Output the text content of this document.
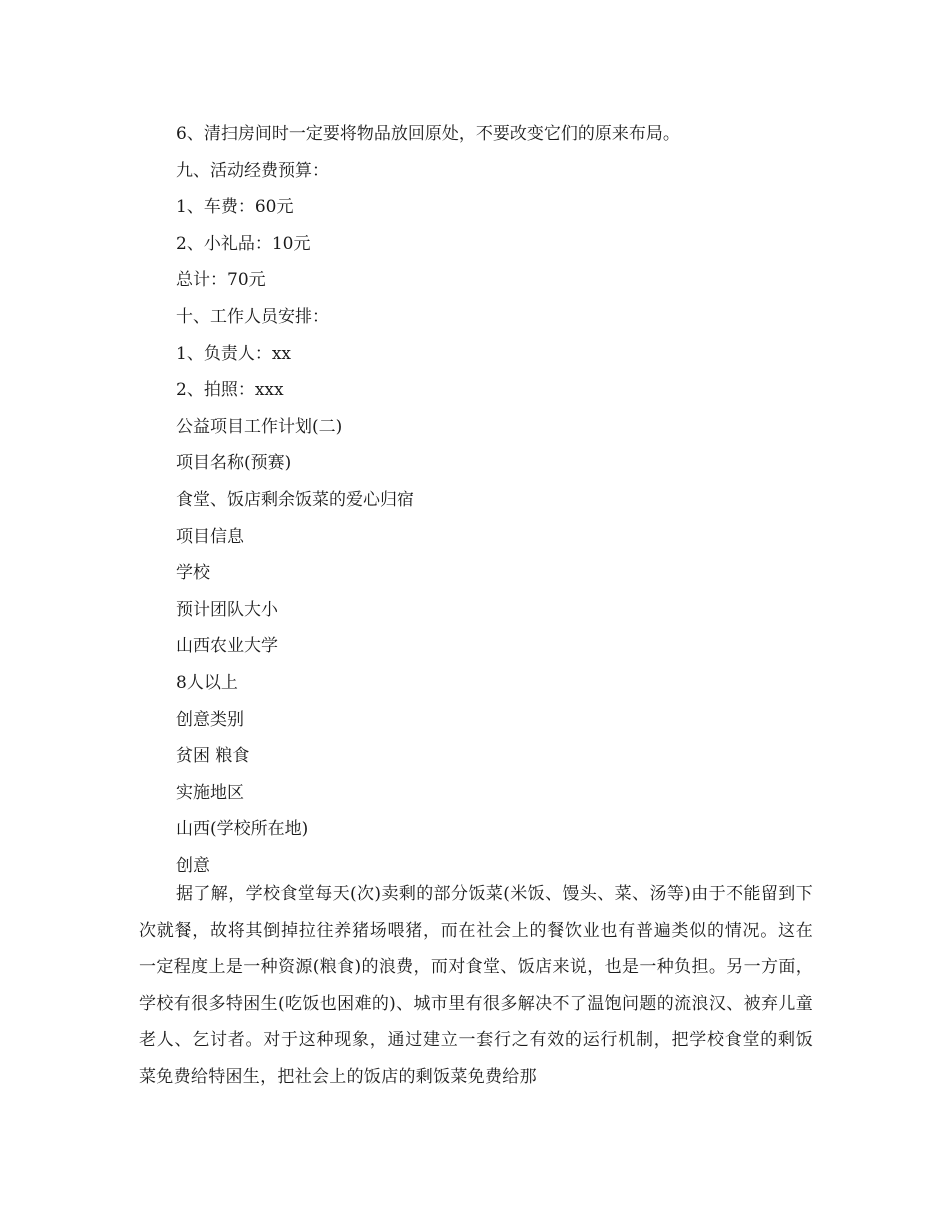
6、清扫房间时一定要将物品放回原处，不要改变它们的原来布局。
九、活动经费预算：
1、车费：60元
2、小礼品：10元
总计：70元
十、工作人员安排：
1、负责人：xx
2、拍照：xxx
公益项目工作计划(二)
项目名称(预赛)
食堂、饭店剩余饭菜的爱心归宿
项目信息
学校
预计团队大小
山西农业大学
8人以上
创意类别
贫困 粮食
实施地区
山西(学校所在地)
创意
据了解，学校食堂每天(次)卖剩的部分饭菜(米饭、馒头、菜、汤等)由于不能留到下次就餐，故将其倒掉拉往养猪场喂猪，而在社会上的餐饮业也有普遍类似的情况。这在一定程度上是一种资源(粮食)的浪费，而对食堂、饭店来说，也是一种负担。另一方面，学校有很多特困生(吃饭也困难的)、城市里有很多解决不了温饱问题的流浪汉、被弃儿童老人、乞讨者。对于这种现象，通过建立一套行之有效的运行机制，把学校食堂的剩饭菜免费给特困生，把社会上的饭店的剩饭菜免费给那
